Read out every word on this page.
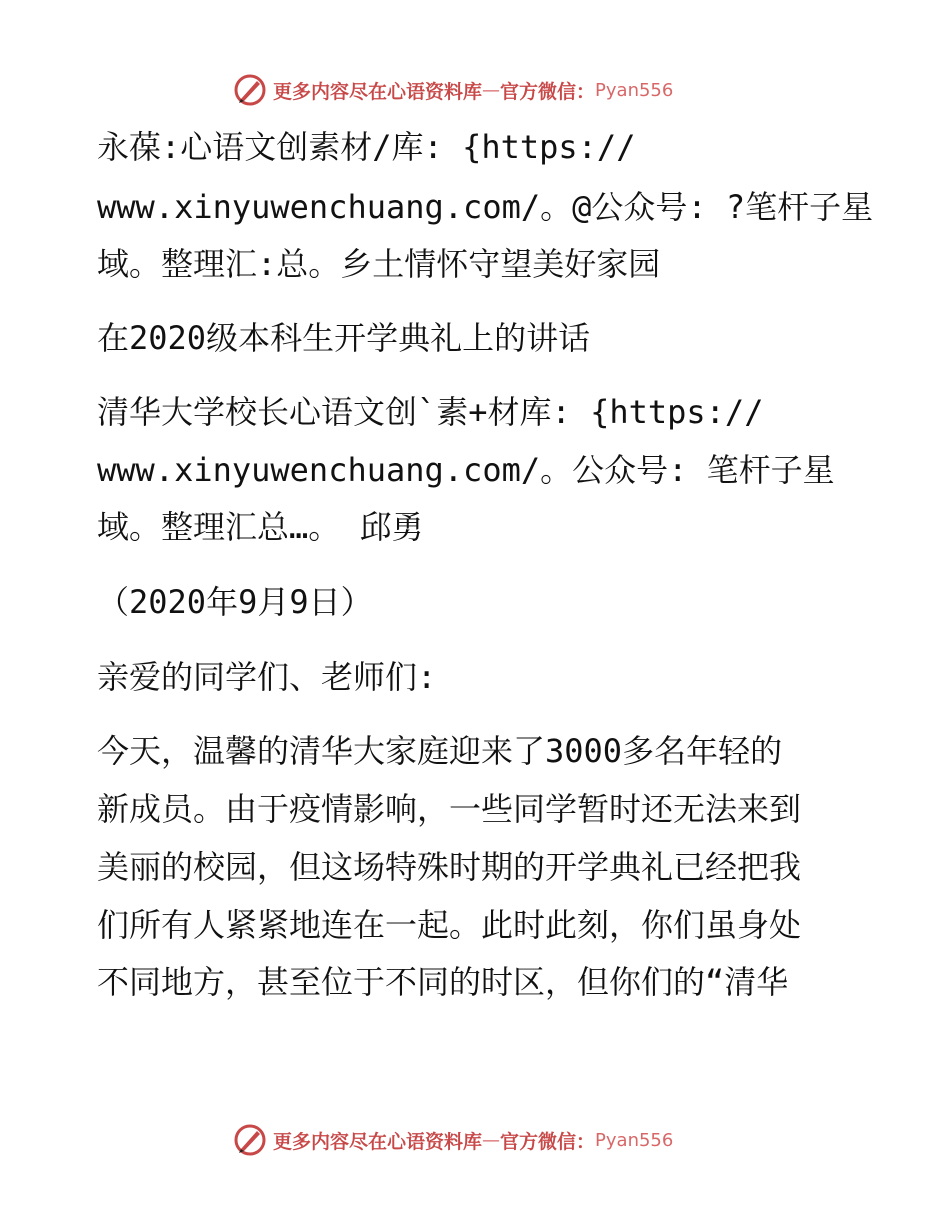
更多内容尽在心语资料库 — 官方微信： Pyan556
永葆:心语文创素材/库: {https://
www.xinyuwenchuang.com/。@公众号: ?笔杆子星
域。整理汇:总。乡土情怀守望美好家园
在2020级本科生开学典礼上的讲话
清华大学校长心语文创`素+材库: {https://
www.xinyuwenchuang.com/。公众号: 笔杆子星
域。整理汇总…。 邱勇
（2020年9月9日）
亲爱的同学们、老师们:
今天，温馨的清华大家庭迎来了3000多名年轻的
新成员。由于疫情影响，一些同学暂时还无法来到
美丽的校园，但这场特殊时期的开学典礼已经把我
们所有人紧紧地连在一起。此时此刻，你们虽身处
不同地方，甚至位于不同的时区，但你们的“清华
更多内容尽在心语资料库 — 官方微信： Pyan556
